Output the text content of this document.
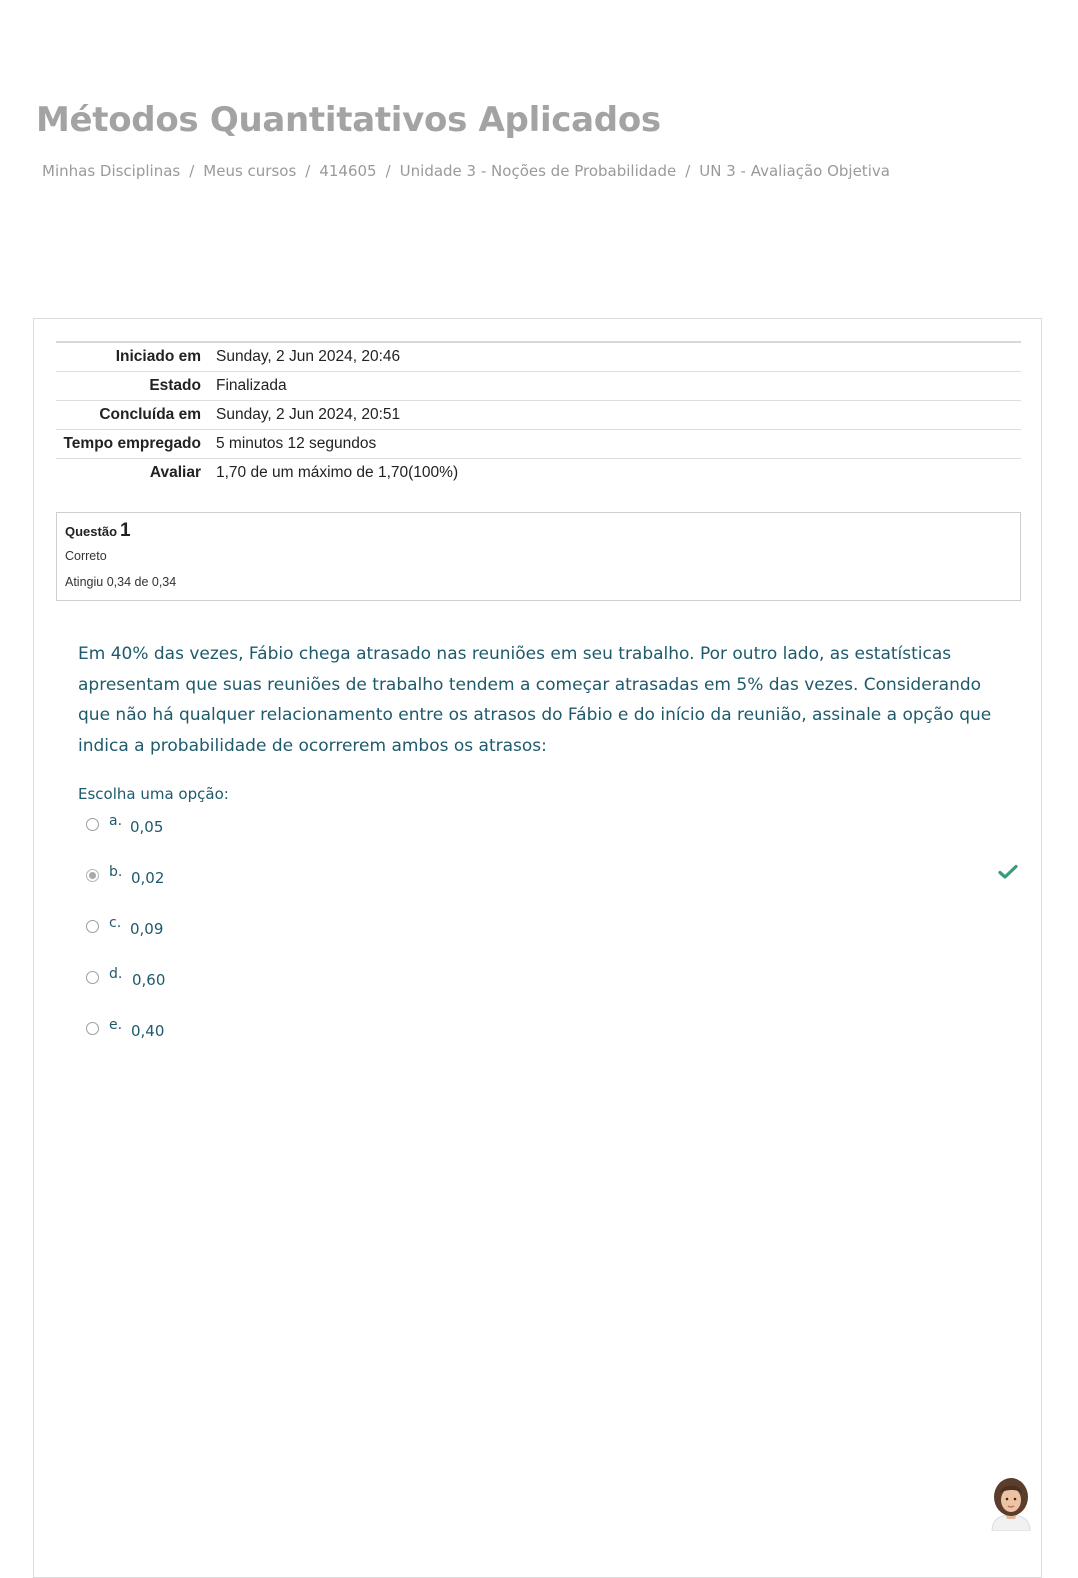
Métodos Quantitativos Aplicados
Minhas Disciplinas / Meus cursos / 414605 / Unidade 3 - Noções de Probabilidade / UN 3 - Avaliação Objetiva
Iniciado em	Sunday, 2 Jun 2024, 20:46
Estado	Finalizada
Concluída em	Sunday, 2 Jun 2024, 20:51
Tempo empregado	5 minutos 12 segundos
Avaliar	1,70 de um máximo de 1,70(100%)
Questão 1
Correto
Atingiu 0,34 de 0,34

Em 40% das vezes, Fábio chega atrasado nas reuniões em seu trabalho. Por outro lado, as estatísticas apresentam que suas reuniões de trabalho tendem a começar atrasadas em 5% das vezes. Considerando que não há qualquer relacionamento entre os atrasos do Fábio e do início da reunião, assinale a opção que indica a probabilidade de ocorrerem ambos os atrasos:

Escolha uma opção:
a. 0,05
b. 0,02
c. 0,09
d. 0,60
e. 0,40
